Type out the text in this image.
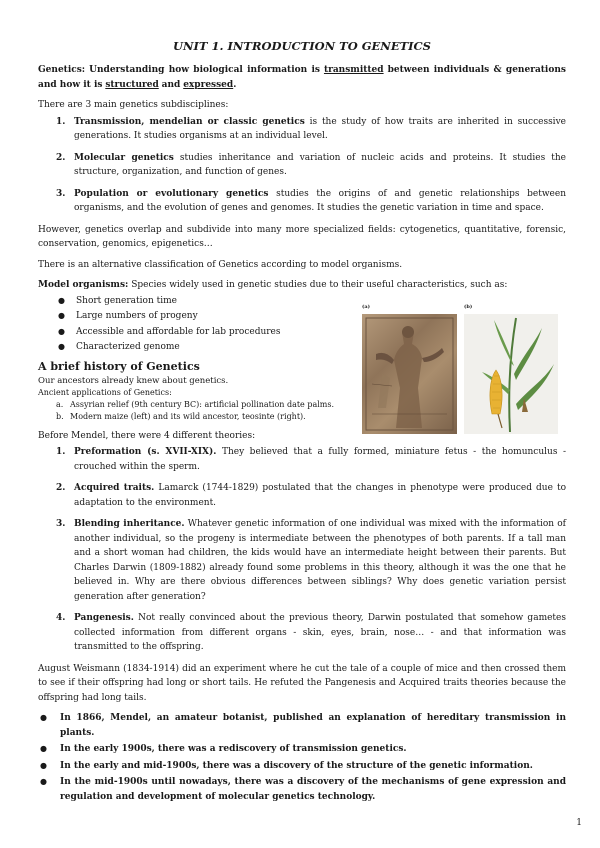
UNIT 1. INTRODUCTION TO GENETICS

Genetics: Understanding how biological information is transmitted between individuals & generations and how it is structured and expressed.

There are 3 main genetics subdisciplines:

1. Transmission, mendelian or classic genetics is the study of how traits are inherited in successive generations. It studies organisms at an individual level.
2. Molecular genetics studies inheritance and variation of nucleic acids and proteins. It studies the structure, organization, and function of genes.
3. Population or evolutionary genetics studies the origins of and genetic relationships between organisms, and the evolution of genes and genomes. It studies the genetic variation in time and space.

However, genetics overlap and subdivide into many more specialized fields: cytogenetics, quantitative, forensic, conservation, genomics, epigenetics…

There is an alternative classification of Genetics according to model organisms.

Model organisms: Species widely used in genetic studies due to their useful characteristics, such as:

●	Short generation time
●	Large numbers of progeny
●	Accessible and affordable for lab procedures
●	Characterized genome
A brief history of Genetics
Our ancestors already knew about genetics.
Ancient applications of Genetics:
a. Assyrian relief (9th century BC): artificial pollination date palms.
b. Modern maize (left) and its wild ancestor, teosinte (right).

Before Mendel, there were 4 different theories:

1. Preformation (s. XVII-XIX). They believed that a fully formed, miniature fetus - the homunculus - crouched within the sperm.
2. Acquired traits. Lamarck (1744-1829) postulated that the changes in phenotype were produced due to adaptation to the environment.
3. Blending inheritance. Whatever genetic information of one individual was mixed with the information of another individual, so the progeny is intermediate between the phenotypes of both parents. If a tall man and a short woman had children, the kids would have an intermediate height between their parents. But Charles Darwin (1809-1882) already found some problems in this theory, although it was the one that he believed in. Why are there obvious differences between siblings? Why does genetic variation persist generation after generation?
4. Pangenesis. Not really convinced about the previous theory, Darwin postulated that somehow gametes collected information from different organs - skin, eyes, brain, nose… - and that information was transmitted to the offspring.

August Weismann (1834-1914) did an experiment where he cut the tale of a couple of mice and then crossed them to see if their offspring had long or short tails. He refuted the Pangenesis and Acquired traits theories because the offspring had long tails.

●	In 1866, Mendel, an amateur botanist, published an explanation of hereditary transmission in plants.
●	In the early 1900s, there was a rediscovery of transmission genetics.
●	In the early and mid-1900s, there was a discovery of the structure of the genetic information.
●	In the mid-1900s until nowadays, there was a discovery of the mechanisms of gene expression and regulation and development of molecular genetics technology.
(a)	(b)
1
